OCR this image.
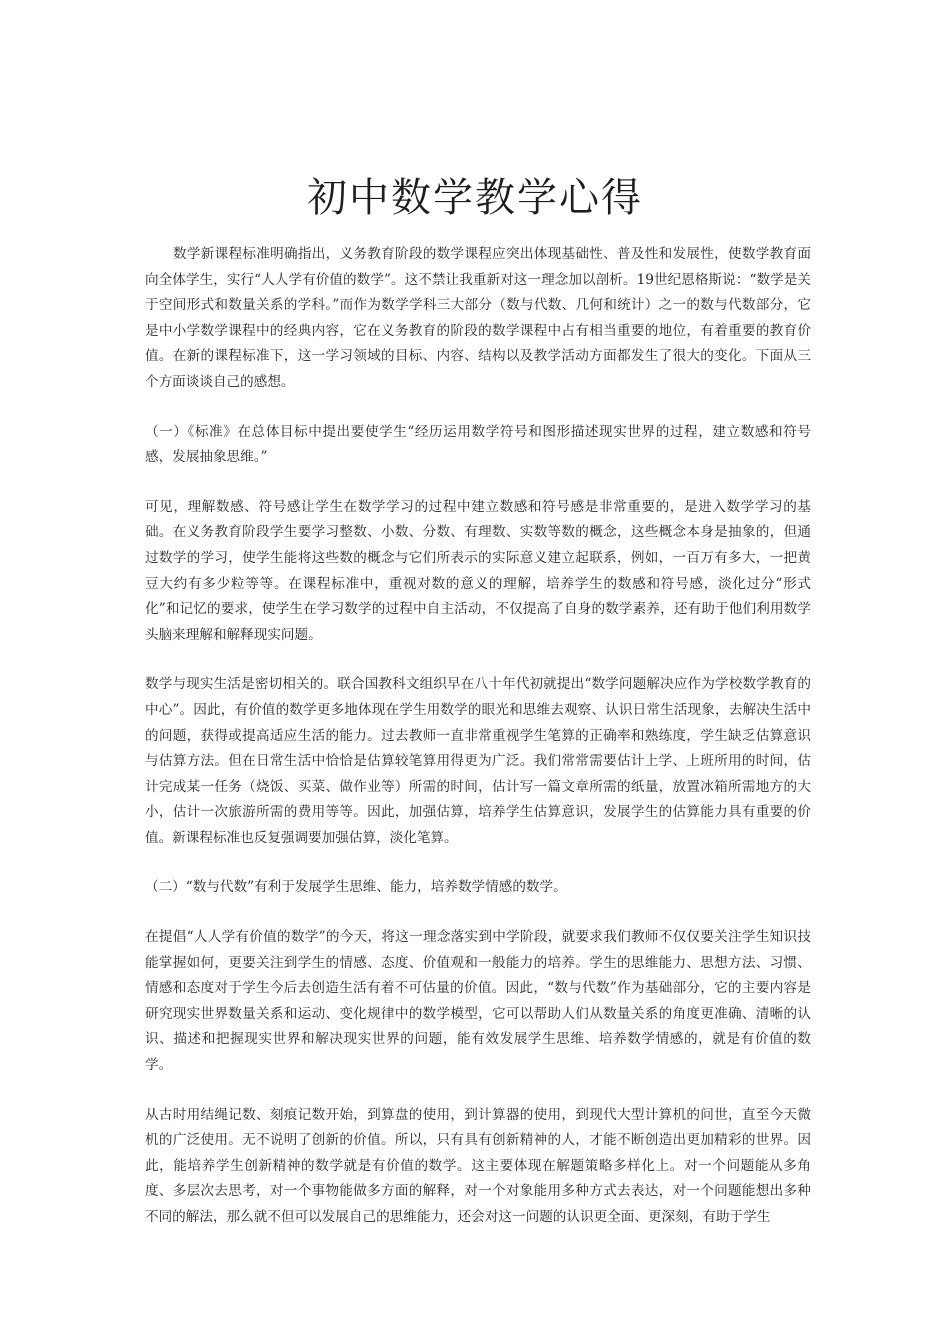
初中数学教学心得

数学新课程标准明确指出，义务教育阶段的数学课程应突出体现基础性、普及性和发展性，使数学教育面向全体学生，实行“人人学有价值的数学”。这不禁让我重新对这一理念加以剖析。19世纪恩格斯说：“数学是关于空间形式和数量关系的学科。”而作为数学学科三大部分（数与代数、几何和统计）之一的数与代数部分，它是中小学数学课程中的经典内容，它在义务教育的阶段的数学课程中占有相当重要的地位，有着重要的教育价值。在新的课程标准下，这一学习领域的目标、内容、结构以及教学活动方面都发生了很大的变化。下面从三个方面谈谈自己的感想。

（一）《标准》在总体目标中提出要使学生“经历运用数学符号和图形描述现实世界的过程，建立数感和符号感，发展抽象思维。”

可见，理解数感、符号感让学生在数学学习的过程中建立数感和符号感是非常重要的，是进入数学学习的基础。在义务教育阶段学生要学习整数、小数、分数、有理数、实数等数的概念，这些概念本身是抽象的，但通过数学的学习，使学生能将这些数的概念与它们所表示的实际意义建立起联系，例如，一百万有多大，一把黄豆大约有多少粒等等。在课程标准中，重视对数的意义的理解，培养学生的数感和符号感，淡化过分“形式化”和记忆的要求，使学生在学习数学的过程中自主活动，不仅提高了自身的数学素养，还有助于他们利用数学头脑来理解和解释现实问题。

数学与现实生活是密切相关的。联合国教科文组织早在八十年代初就提出“数学问题解决应作为学校数学教育的中心”。因此，有价值的数学更多地体现在学生用数学的眼光和思维去观察、认识日常生活现象，去解决生活中的问题，获得或提高适应生活的能力。过去教师一直非常重视学生笔算的正确率和熟练度，学生缺乏估算意识与估算方法。但在日常生活中恰恰是估算较笔算用得更为广泛。我们常常需要估计上学、上班所用的时间，估计完成某一任务（烧饭、买菜、做作业等）所需的时间，估计写一篇文章所需的纸量，放置冰箱所需地方的大小，估计一次旅游所需的费用等等。因此，加强估算，培养学生估算意识，发展学生的估算能力具有重要的价值。新课程标准也反复强调要加强估算，淡化笔算。

（二）“数与代数”有利于发展学生思维、能力，培养数学情感的数学。

在提倡“人人学有价值的数学”的今天，将这一理念落实到中学阶段，就要求我们教师不仅仅要关注学生知识技能掌握如何，更要关注到学生的情感、态度、价值观和一般能力的培养。学生的思维能力、思想方法、习惯、情感和态度对于学生今后去创造生活有着不可估量的价值。因此，“数与代数”作为基础部分，它的主要内容是研究现实世界数量关系和运动、变化规律中的数学模型，它可以帮助人们从数量关系的角度更准确、清晰的认识、描述和把握现实世界和解决现实世界的问题，能有效发展学生思维、培养数学情感的，就是有价值的数学。

从古时用结绳记数、刻痕记数开始，到算盘的使用，到计算器的使用，到现代大型计算机的问世，直至今天微机的广泛使用。无不说明了创新的价值。所以，只有具有创新精神的人，才能不断创造出更加精彩的世界。因此，能培养学生创新精神的数学就是有价值的数学。这主要体现在解题策略多样化上。对一个问题能从多角度、多层次去思考，对一个事物能做多方面的解释，对一个对象能用多种方式去表达，对一个问题能想出多种不同的解法，那么就不但可以发展自己的思维能力，还会对这一问题的认识更全面、更深刻，有助于学生
